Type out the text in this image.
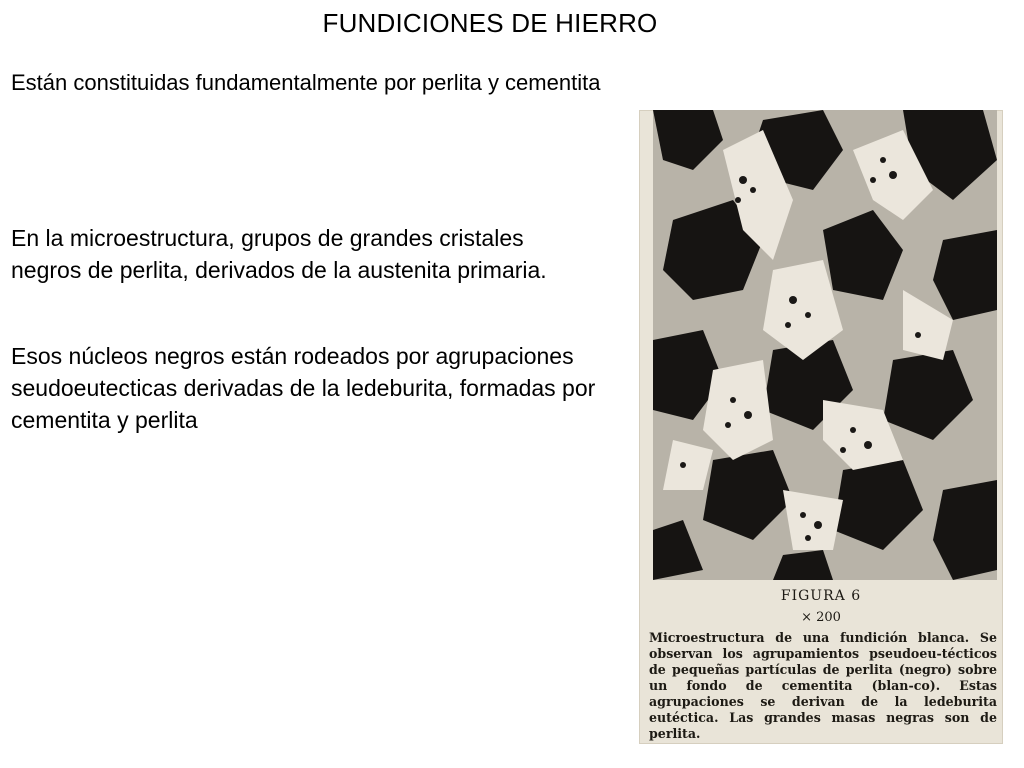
FUNDICIONES DE HIERRO
Están constituidas fundamentalmente por perlita y cementita
En la microestructura, grupos de grandes cristales negros de perlita, derivados de la austenita primaria.
Esos núcleos negros están rodeados por agrupaciones seudoeutecticas derivadas de la ledeburita, formadas por cementita y perlita
FIGURA 6
× 200
Microestructura de una fundición blanca. Se observan los agrupamientos pseudoeu-técticos de pequeñas partículas de perlita (negro) sobre un fondo de cementita (blan-co). Estas agrupaciones se derivan de la ledeburita eutéctica. Las grandes masas negras son de perlita.
